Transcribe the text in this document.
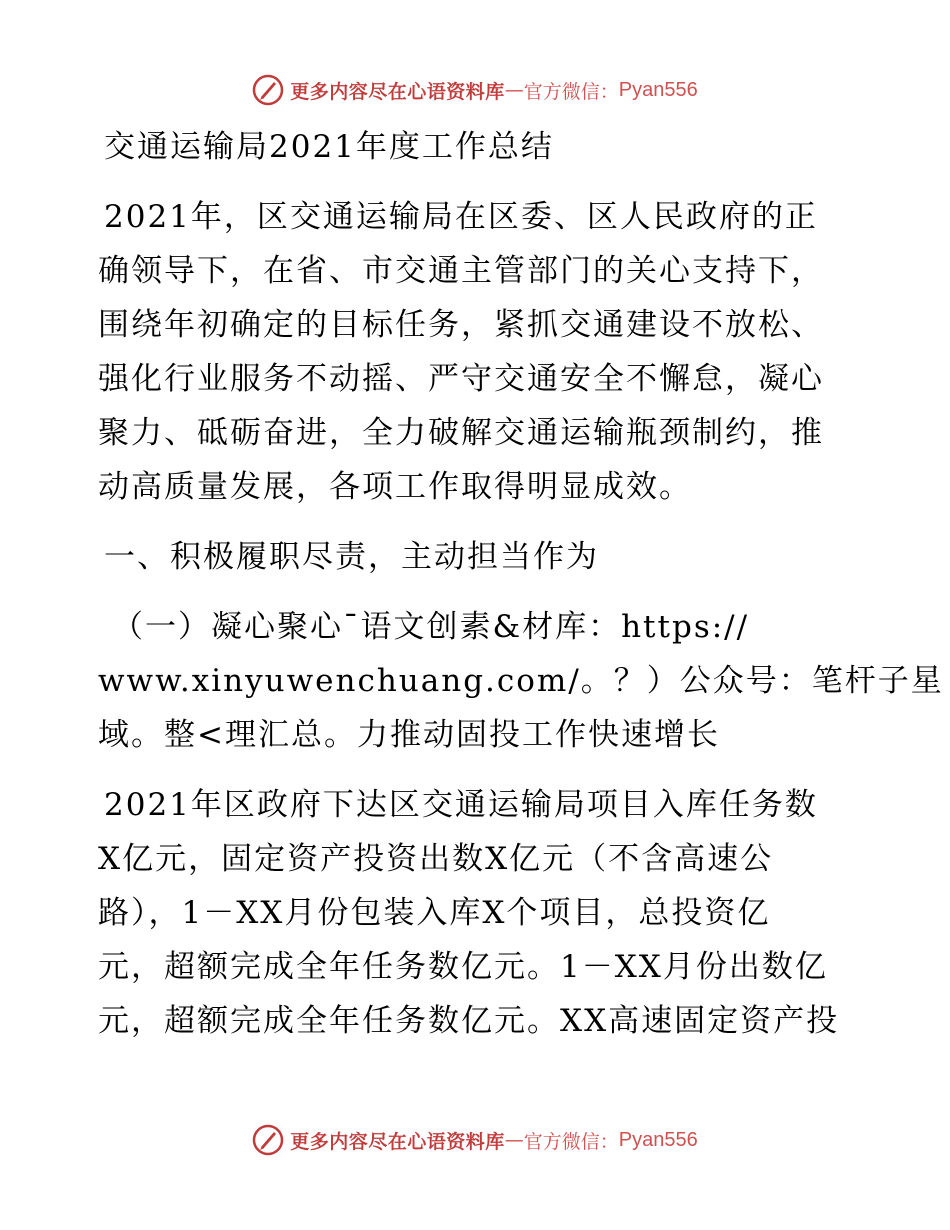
更多内容尽在心语资料库 — 官方微信： Pyan556
交通运输局2021年度工作总结
2021年，区交通运输局在区委、区人民政府的正
确领导下，在省、市交通主管部门的关心支持下，
围绕年初确定的目标任务，紧抓交通建设不放松、
强化行业服务不动摇、严守交通安全不懈怠，凝心
聚力、砥砺奋进，全力破解交通运输瓶颈制约，推
动高质量发展，各项工作取得明显成效。
一、积极履职尽责，主动担当作为
（一）凝心聚心¯语文创素&材库：https://
www.xinyuwenchuang.com/。？）公众号：笔杆子星
域。整<理汇总。力推动固投工作快速增长
2021年区政府下达区交通运输局项目入库任务数
X亿元，固定资产投资出数X亿元（不含高速公
路），1－XX月份包装入库X个项目，总投资亿
元，超额完成全年任务数亿元。1－XX月份出数亿
元，超额完成全年任务数亿元。XX高速固定资产投
更多内容尽在心语资料库 — 官方微信： Pyan556
